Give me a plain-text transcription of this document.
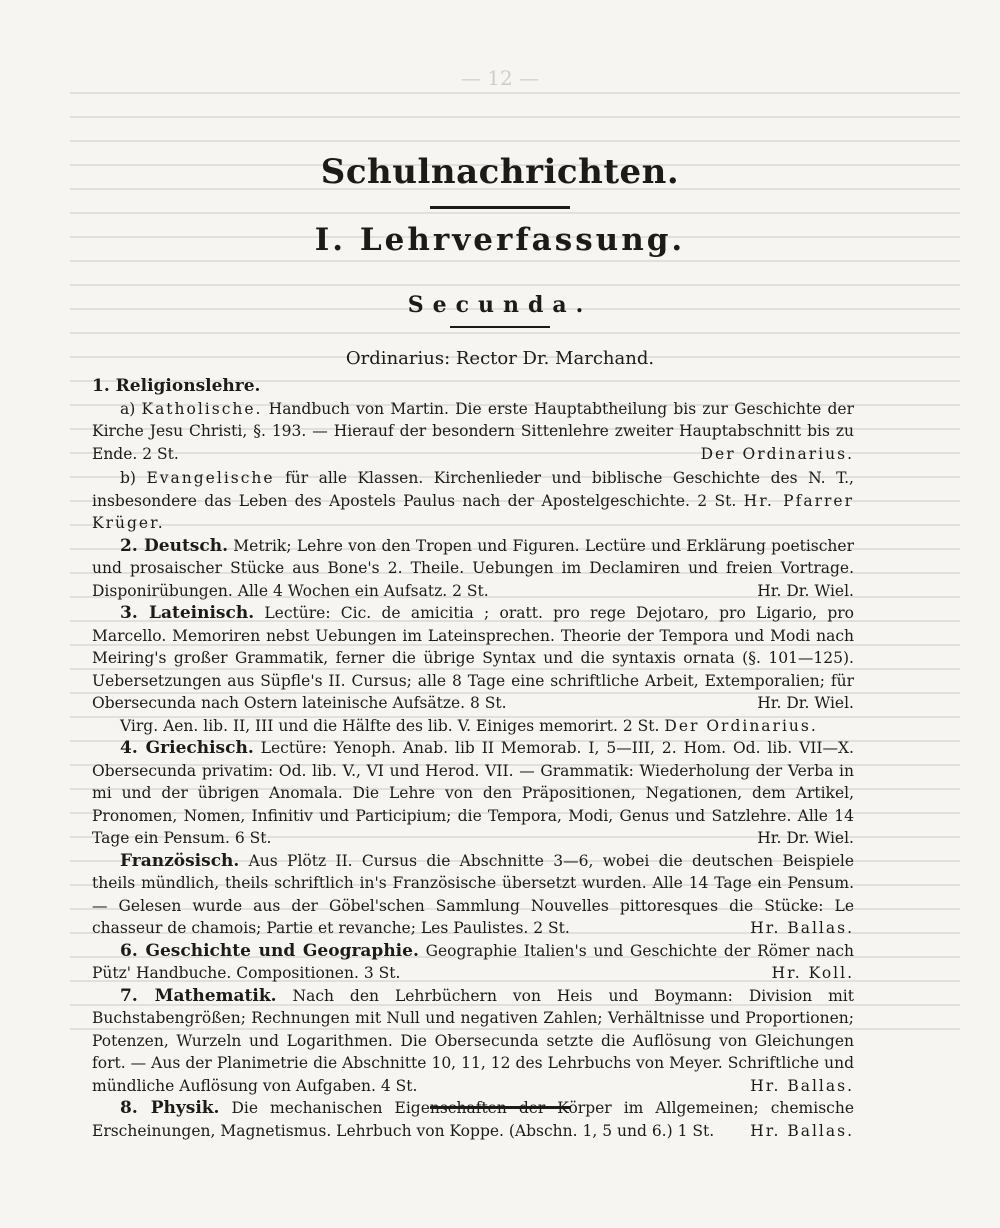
— 12 —
Schulnachrichten.
I. Lehrverfassung.
Secunda.
Ordinarius: Rector Dr. Marchand.

1. Religionslehre.

a) Katholische. Handbuch von Martin. Die erste Hauptabtheilung bis zur Geschichte der Kirche Jesu Christi, §. 193. — Hierauf der besondern Sittenlehre zweiter Hauptabschnitt bis zu Ende. 2 St.	Der Ordinarius.

b) Evangelische für alle Klassen. Kirchenlieder und biblische Geschichte des N. T., insbesondere das Leben des Apostels Paulus nach der Apostelgeschichte. 2 St. Hr. Pfarrer Krüger.

2. Deutsch. Metrik; Lehre von den Tropen und Figuren. Lectüre und Erklärung poetischer und prosaischer Stücke aus Bone's 2. Theile. Uebungen im Declamiren und freien Vortrage. Disponirübungen. Alle 4 Wochen ein Aufsatz. 2 St.	Hr. Dr. Wiel.

3. Lateinisch. Lectüre: Cic. de amicitia ; oratt. pro rege Dejotaro, pro Ligario, pro Marcello. Memoriren nebst Uebungen im Lateinsprechen. Theorie der Tempora und Modi nach Meiring's großer Grammatik, ferner die übrige Syntax und die syntaxis ornata (§. 101—125). Uebersetzungen aus Süpfle's II. Cursus; alle 8 Tage eine schriftliche Arbeit, Extemporalien; für Obersecunda nach Ostern lateinische Aufsätze. 8 St.	Hr. Dr. Wiel.

Virg. Aen. lib. II, III und die Hälfte des lib. V. Einiges memorirt. 2 St. Der Ordinarius.

4. Griechisch. Lectüre: Yenoph. Anab. lib II Memorab. I, 5—III, 2. Hom. Od. lib. VII—X. Obersecunda privatim: Od. lib. V., VI und Herod. VII. — Grammatik: Wiederholung der Verba in mi und der übrigen Anomala. Die Lehre von den Präpositionen, Negationen, dem Artikel, Pronomen, Nomen, Infinitiv und Participium; die Tempora, Modi, Genus und Satzlehre. Alle 14 Tage ein Pensum. 6 St.	Hr. Dr. Wiel.

Französisch. Aus Plötz II. Cursus die Abschnitte 3—6, wobei die deutschen Beispiele theils mündlich, theils schriftlich in's Französische übersetzt wurden. Alle 14 Tage ein Pensum. — Gelesen wurde aus der Göbel'schen Sammlung Nouvelles pittoresques die Stücke: Le chasseur de chamois; Partie et revanche; Les Paulistes. 2 St.	Hr. Ballas.

6. Geschichte und Geographie. Geographie Italien's und Geschichte der Römer nach Pütz' Handbuche. Compositionen. 3 St.	Hr. Koll.

7. Mathematik. Nach den Lehrbüchern von Heis und Boymann: Division mit Buchstabengrößen; Rechnungen mit Null und negativen Zahlen; Verhältnisse und Proportionen; Potenzen, Wurzeln und Logarithmen. Die Obersecunda setzte die Auflösung von Gleichungen fort. — Aus der Planimetrie die Abschnitte 10, 11, 12 des Lehrbuchs von Meyer. Schriftliche und mündliche Auflösung von Aufgaben. 4 St.	Hr. Ballas.

8. Physik. Die mechanischen Eigenschaften der Körper im Allgemeinen; chemische Erscheinungen, Magnetismus. Lehrbuch von Koppe. (Abschn. 1, 5 und 6.) 1 St.	Hr. Ballas.
